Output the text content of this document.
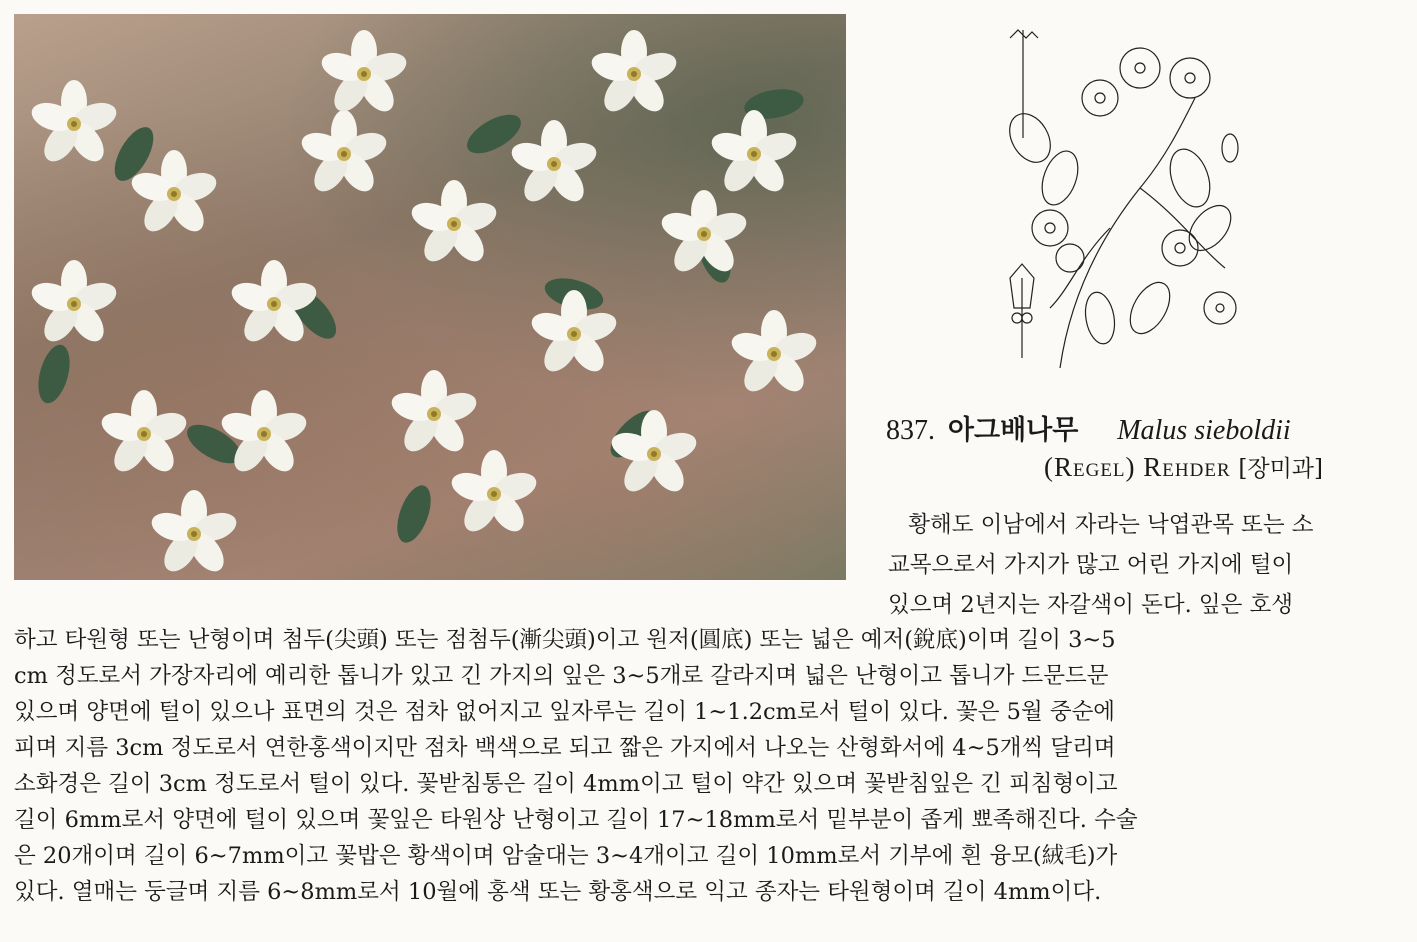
837. 아그배나무 Malus sieboldii
(Regel) Rehder [장미과]
황해도 이남에서 자라는 낙엽관목 또는 소
교목으로서 가지가 많고 어린 가지에 털이
있으며 2년지는 자갈색이 돈다. 잎은 호생
하고 타원형 또는 난형이며 첨두(尖頭) 또는 점첨두(漸尖頭)이고 원저(圓底) 또는 넓은 예저(銳底)이며 길이 3~5
cm 정도로서 가장자리에 예리한 톱니가 있고 긴 가지의 잎은 3~5개로 갈라지며 넓은 난형이고 톱니가 드문드문
있으며 양면에 털이 있으나 표면의 것은 점차 없어지고 잎자루는 길이 1~1.2cm로서 털이 있다. 꽃은 5월 중순에
피며 지름 3cm 정도로서 연한홍색이지만 점차 백색으로 되고 짧은 가지에서 나오는 산형화서에 4~5개씩 달리며
소화경은 길이 3cm 정도로서 털이 있다. 꽃받침통은 길이 4mm이고 털이 약간 있으며 꽃받침잎은 긴 피침형이고
길이 6mm로서 양면에 털이 있으며 꽃잎은 타원상 난형이고 길이 17~18mm로서 밑부분이 좁게 뾰족해진다. 수술
은 20개이며 길이 6~7mm이고 꽃밥은 황색이며 암술대는 3~4개이고 길이 10mm로서 기부에 흰 융모(絨毛)가
있다. 열매는 둥글며 지름 6~8mm로서 10월에 홍색 또는 황홍색으로 익고 종자는 타원형이며 길이 4mm이다.
